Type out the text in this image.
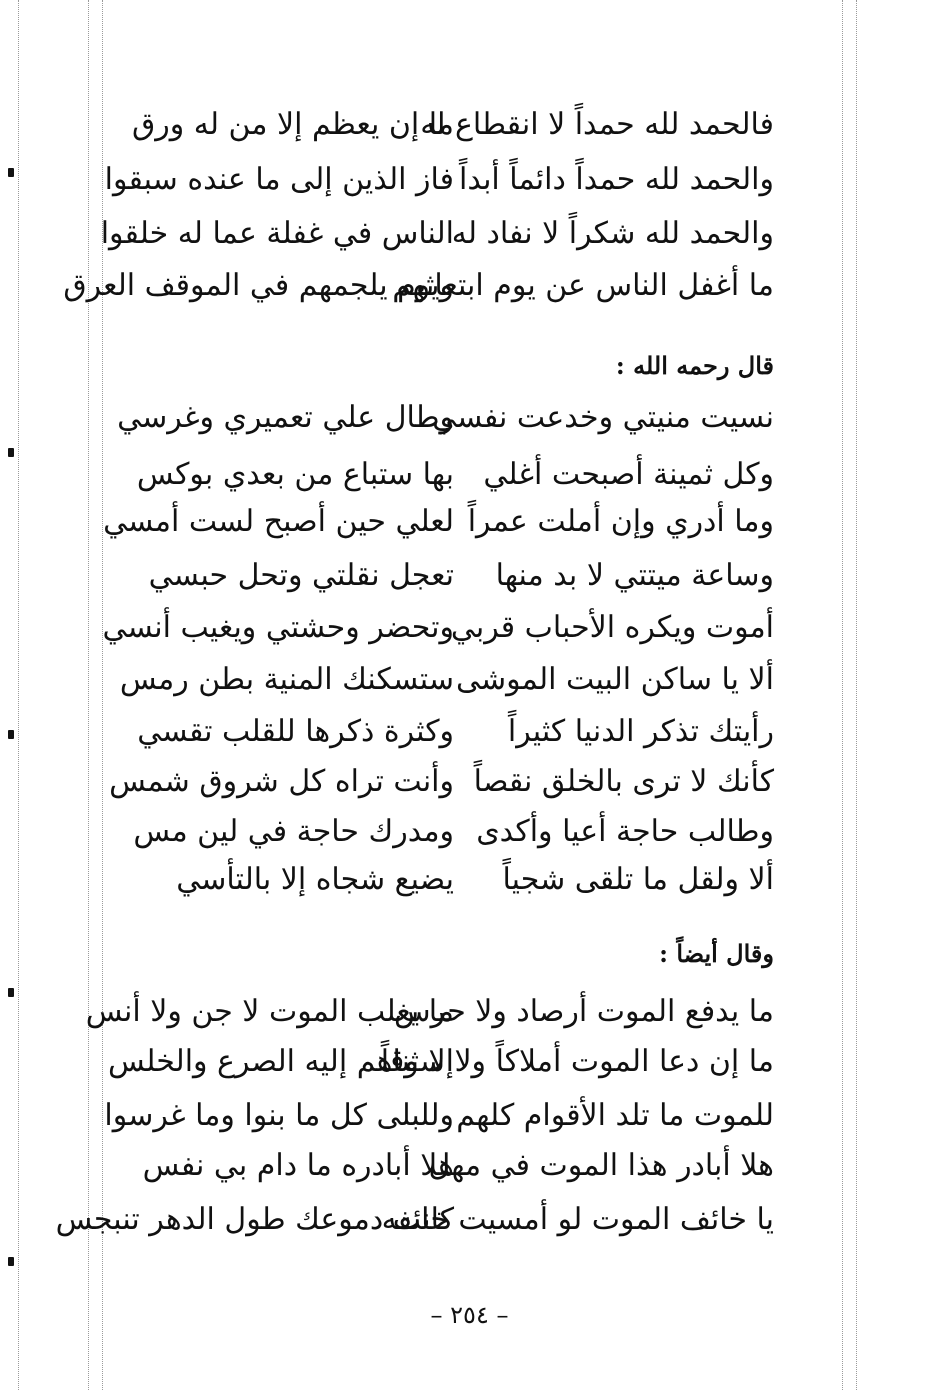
فالحمد لله حمداً لا انقطاع له
ما إن يعظم إلا من له ورق
والحمد لله حمداً دائماً أبداً
فاز الذين إلى ما عنده سبقوا
والحمد لله شكراً لا نفاد له
الناس في غفلة عما له خلقوا
ما أغفل الناس عن يوم ابتعاثهم
ويوم يلجمهم في الموقف العرق
قال رحمه الله :
نسيت منيتي وخدعت نفسي
وطال علي تعميري وغرسي
وكل ثمينة أصبحت أغلي
بها ستباع من بعدي بوكس
وما أدري وإن أملت عمراً
لعلي حين أصبح لست أمسي
وساعة ميتتي لا بد منها
تعجل نقلتي وتحل حبسي
أموت ويكره الأحباب قربي
وتحضر وحشتي ويغيب أنسي
ألا يا ساكن البيت الموشى
ستسكنك المنية بطن رمس
رأيتك تذكر الدنيا كثيراً
وكثرة ذكرها للقلب تقسي
كأنك لا ترى بالخلق نقصاً
وأنت تراه كل شروق شمس
وطالب حاجة أعيا وأكدى
ومدرك حاجة في لين مس
ألا ولقل ما تلقى شجياً
يضيع شجاه إلا بالتأسي
وقال أيضاً :
ما يدفع الموت أرصاد ولا حرس
ما يغلب الموت لا جن ولا أنس
ما إن دعا الموت أملاكاً ولا سوقاً
إلا ثناهم إليه الصرع والخلس
للموت ما تلد الأقوام كلهم
وللبلى كل ما بنوا وما غرسوا
هلا أبادر هذا الموت في مهل
هلا أبادره ما دام بي نفس
يا خائف الموت لو أمسيت خائفه
كانت دموعك طول الدهر تنبجس
– ٢٥٤ –
